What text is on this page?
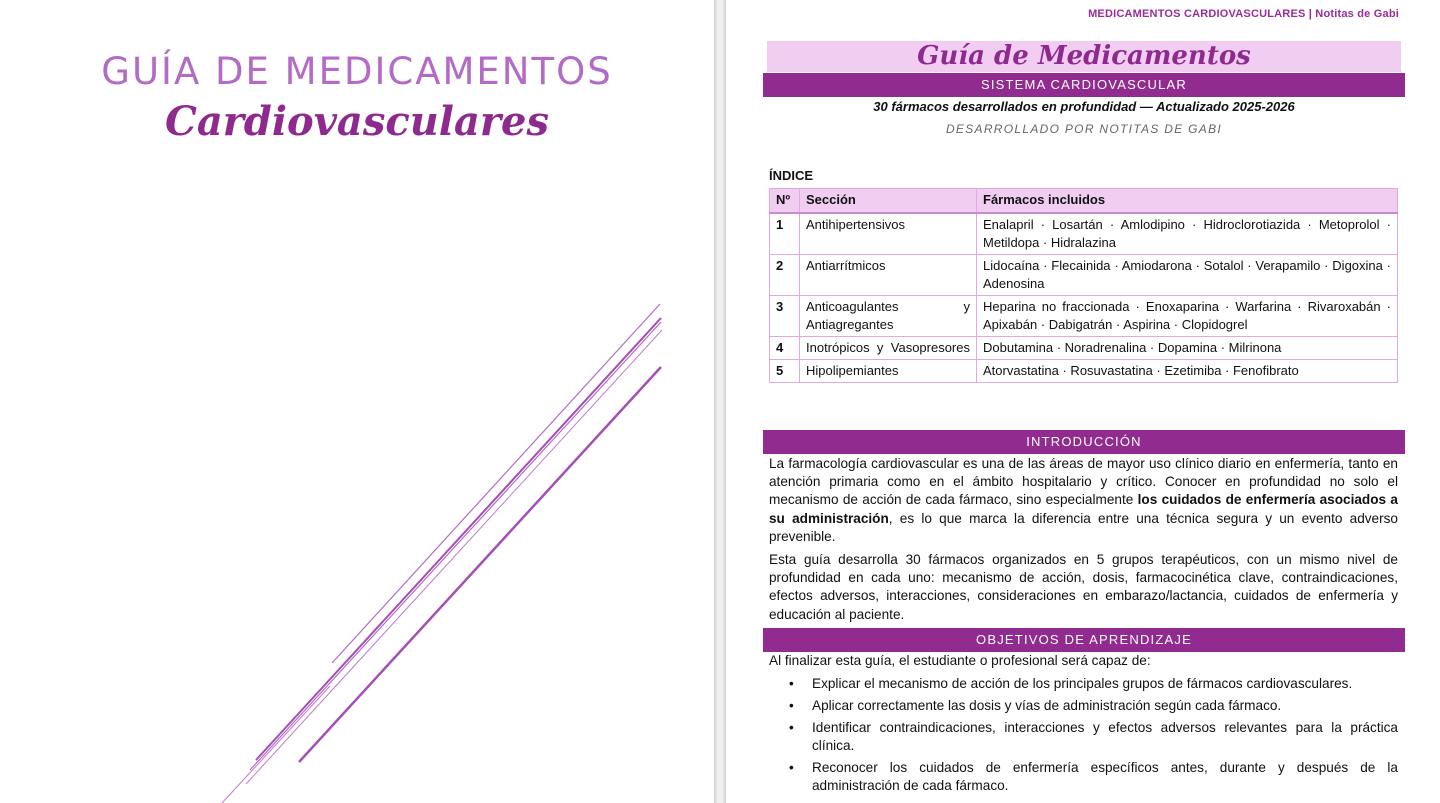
GUÍA DE MEDICAMENTOS
Cardiovasculares
MEDICAMENTOS CARDIOVASCULARES | Notitas de Gabi
Guía de Medicamentos
SISTEMA CARDIOVASCULAR
30 fármacos desarrollados en profundidad — Actualizado 2025-2026
DESARROLLADO POR NOTITAS DE GABI
ÍNDICE
Nº	Sección	Fármacos incluidos
1	Antihipertensivos	Enalapril · Losartán · Amlodipino · Hidroclorotiazida · Metoprolol · Metildopa · Hidralazina
2	Antiarrítmicos	Lidocaína · Flecainida · Amiodarona · Sotalol · Verapamilo · Digoxina · Adenosina
3	Anticoagulantes y Antiagregantes	Heparina no fraccionada · Enoxaparina · Warfarina · Rivaroxabán · Apixabán · Dabigatrán · Aspirina · Clopidogrel
4	Inotrópicos y Vasopresores	Dobutamina · Noradrenalina · Dopamina · Milrinona
5	Hipolipemiantes	Atorvastatina · Rosuvastatina · Ezetimiba · Fenofibrato
INTRODUCCIÓN

La farmacología cardiovascular es una de las áreas de mayor uso clínico diario en enfermería, tanto en atención primaria como en el ámbito hospitalario y crítico. Conocer en profundidad no solo el mecanismo de acción de cada fármaco, sino especialmente los cuidados de enfermería asociados a su administración, es lo que marca la diferencia entre una técnica segura y un evento adverso prevenible.

Esta guía desarrolla 30 fármacos organizados en 5 grupos terapéuticos, con un mismo nivel de profundidad en cada uno: mecanismo de acción, dosis, farmacocinética clave, contraindicaciones, efectos adversos, interacciones, consideraciones en embarazo/lactancia, cuidados de enfermería y educación al paciente.

OBJETIVOS DE APRENDIZAJE
Al finalizar esta guía, el estudiante o profesional será capaz de:
• Explicar el mecanismo de acción de los principales grupos de fármacos cardiovasculares.
• Aplicar correctamente las dosis y vías de administración según cada fármaco.
• Identificar contraindicaciones, interacciones y efectos adversos relevantes para la práctica clínica.
• Reconocer los cuidados de enfermería específicos antes, durante y después de la administración de cada fármaco.
